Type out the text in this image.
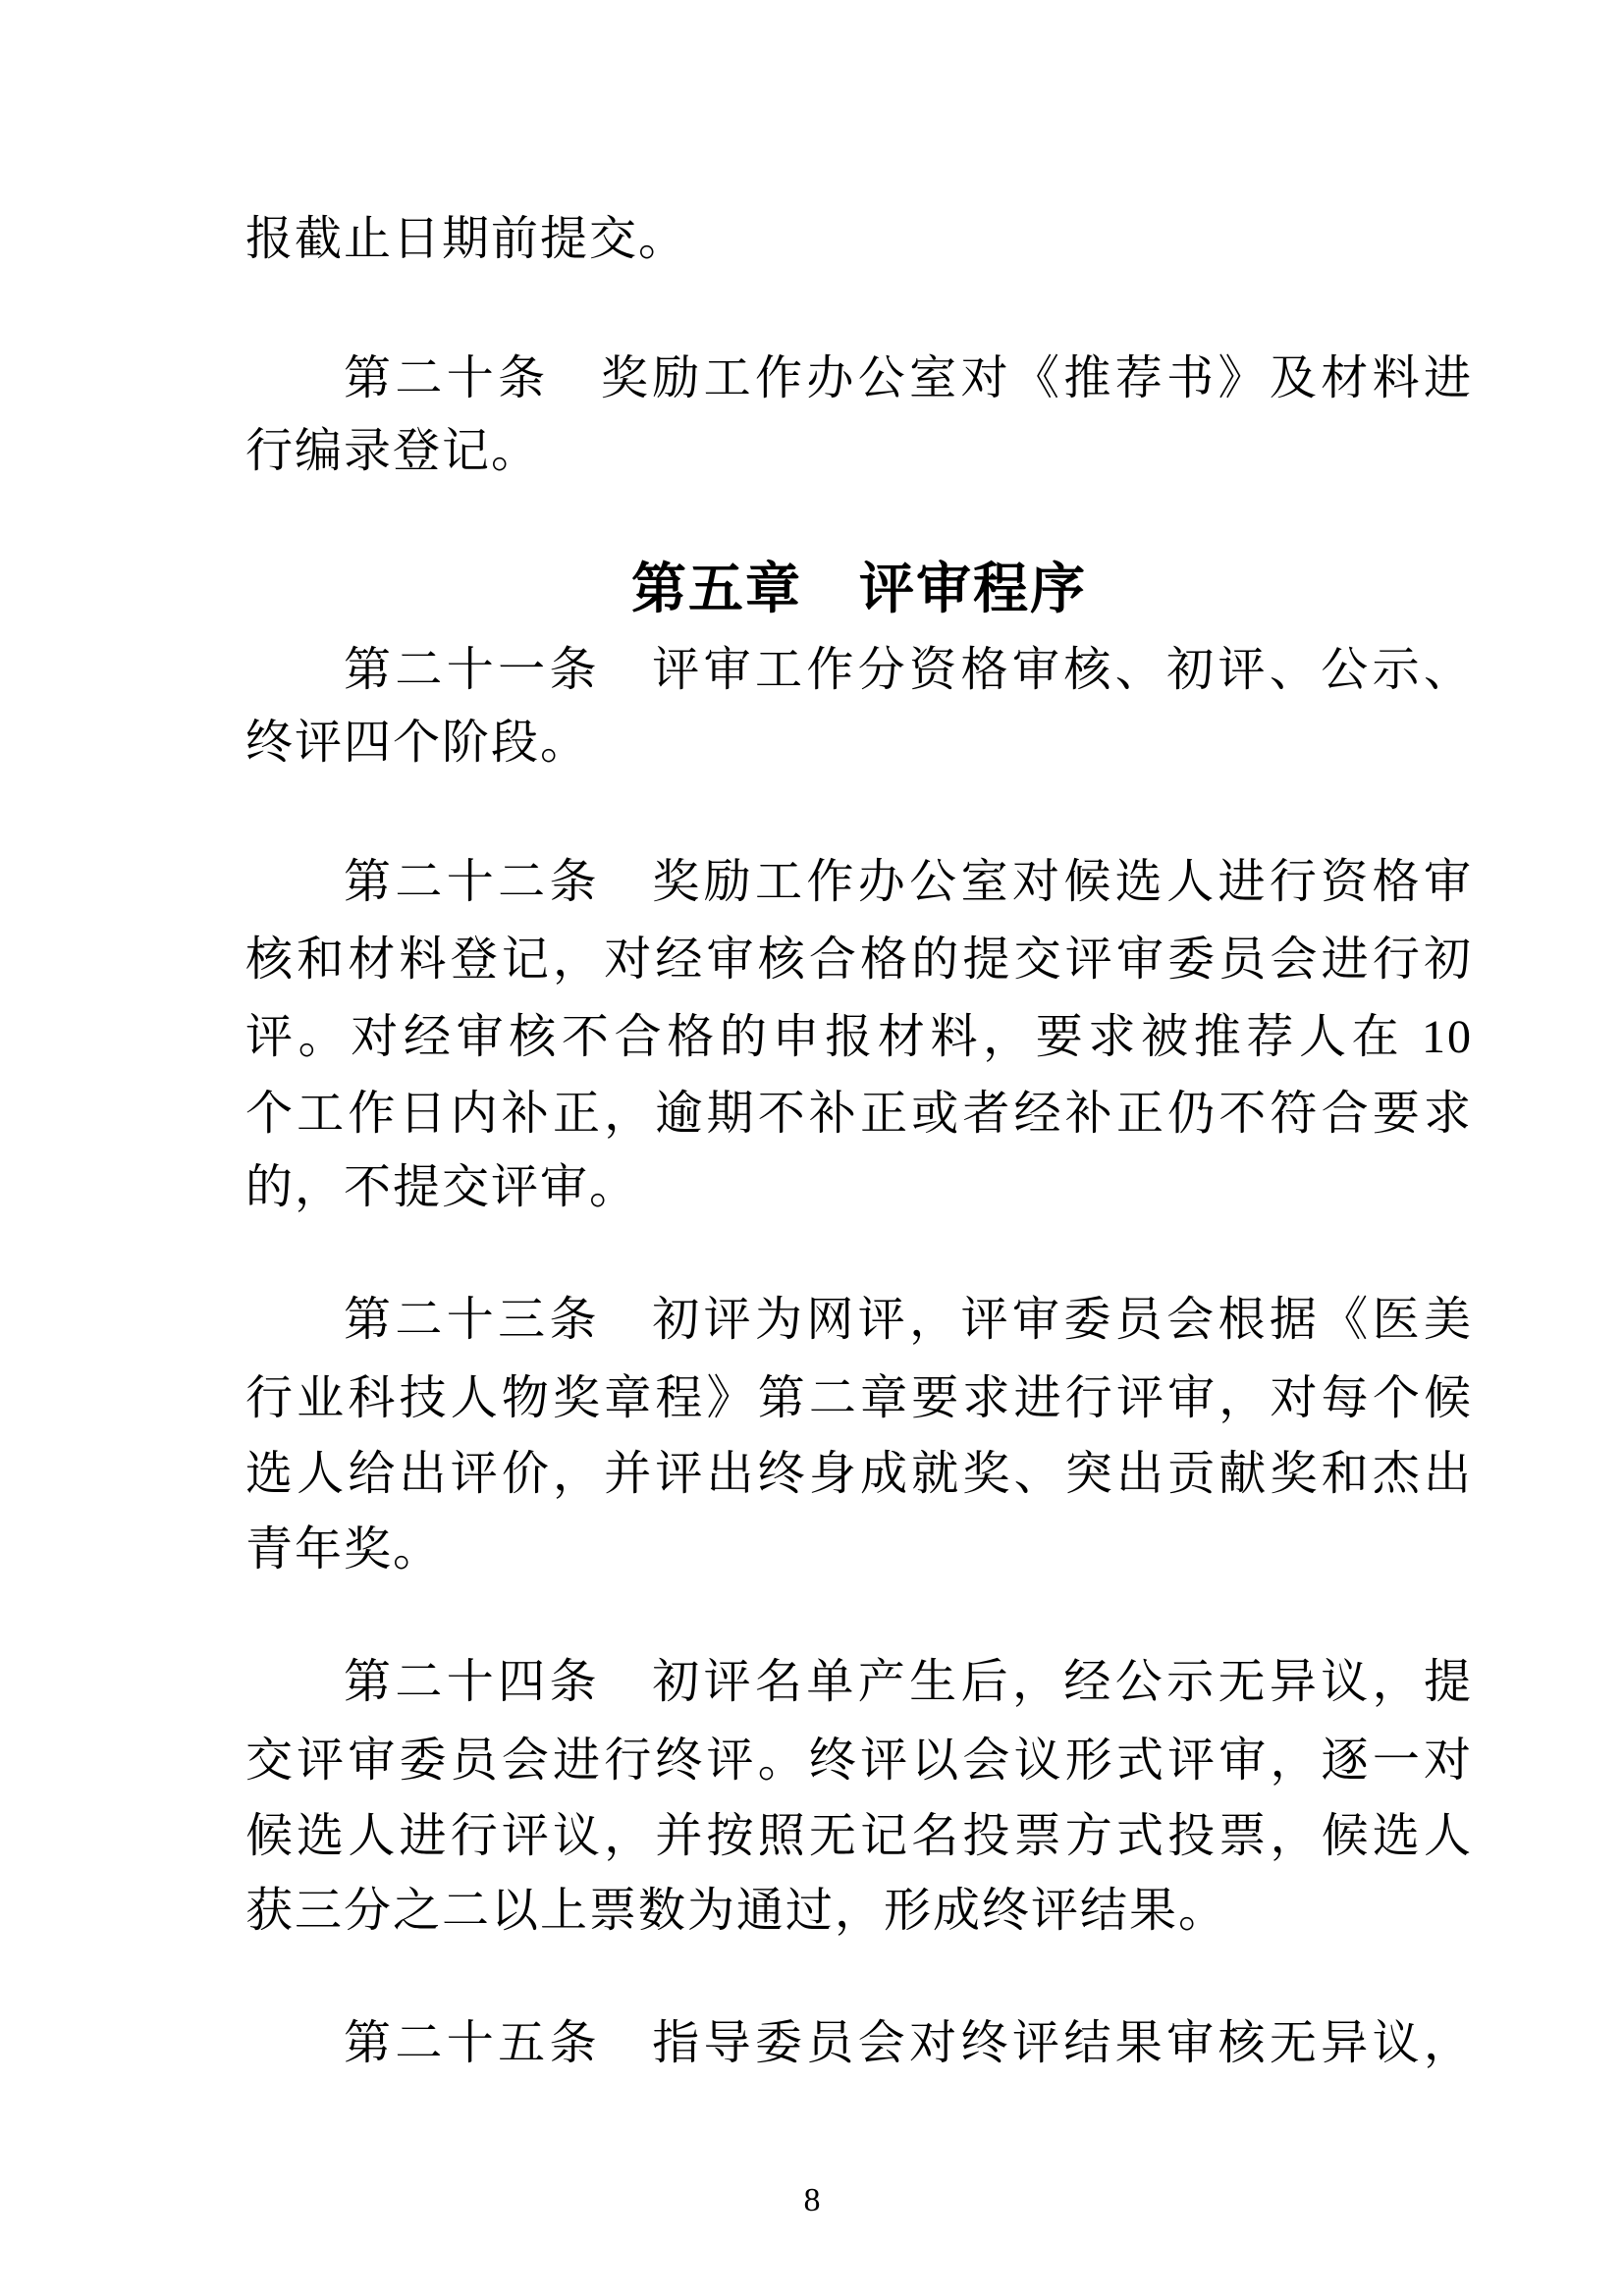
报截止日期前提交。
第二十条　奖励工作办公室对《推荐书》及材料进
行编录登记。
第五章　评审程序
第二十一条　评审工作分资格审核、初评、公示、
终评四个阶段。
第二十二条　奖励工作办公室对候选人进行资格审
核和材料登记，对经审核合格的提交评审委员会进行初
评。对经审核不合格的申报材料，要求被推荐人在 10
个工作日内补正，逾期不补正或者经补正仍不符合要求
的，不提交评审。
第二十三条　初评为网评，评审委员会根据《医美
行业科技人物奖章程》第二章要求进行评审，对每个候
选人给出评价，并评出终身成就奖、突出贡献奖和杰出
青年奖。
第二十四条　初评名单产生后，经公示无异议，提
交评审委员会进行终评。终评以会议形式评审，逐一对
候选人进行评议，并按照无记名投票方式投票，候选人
获三分之二以上票数为通过，形成终评结果。
第二十五条　指导委员会对终评结果审核无异议，
8
